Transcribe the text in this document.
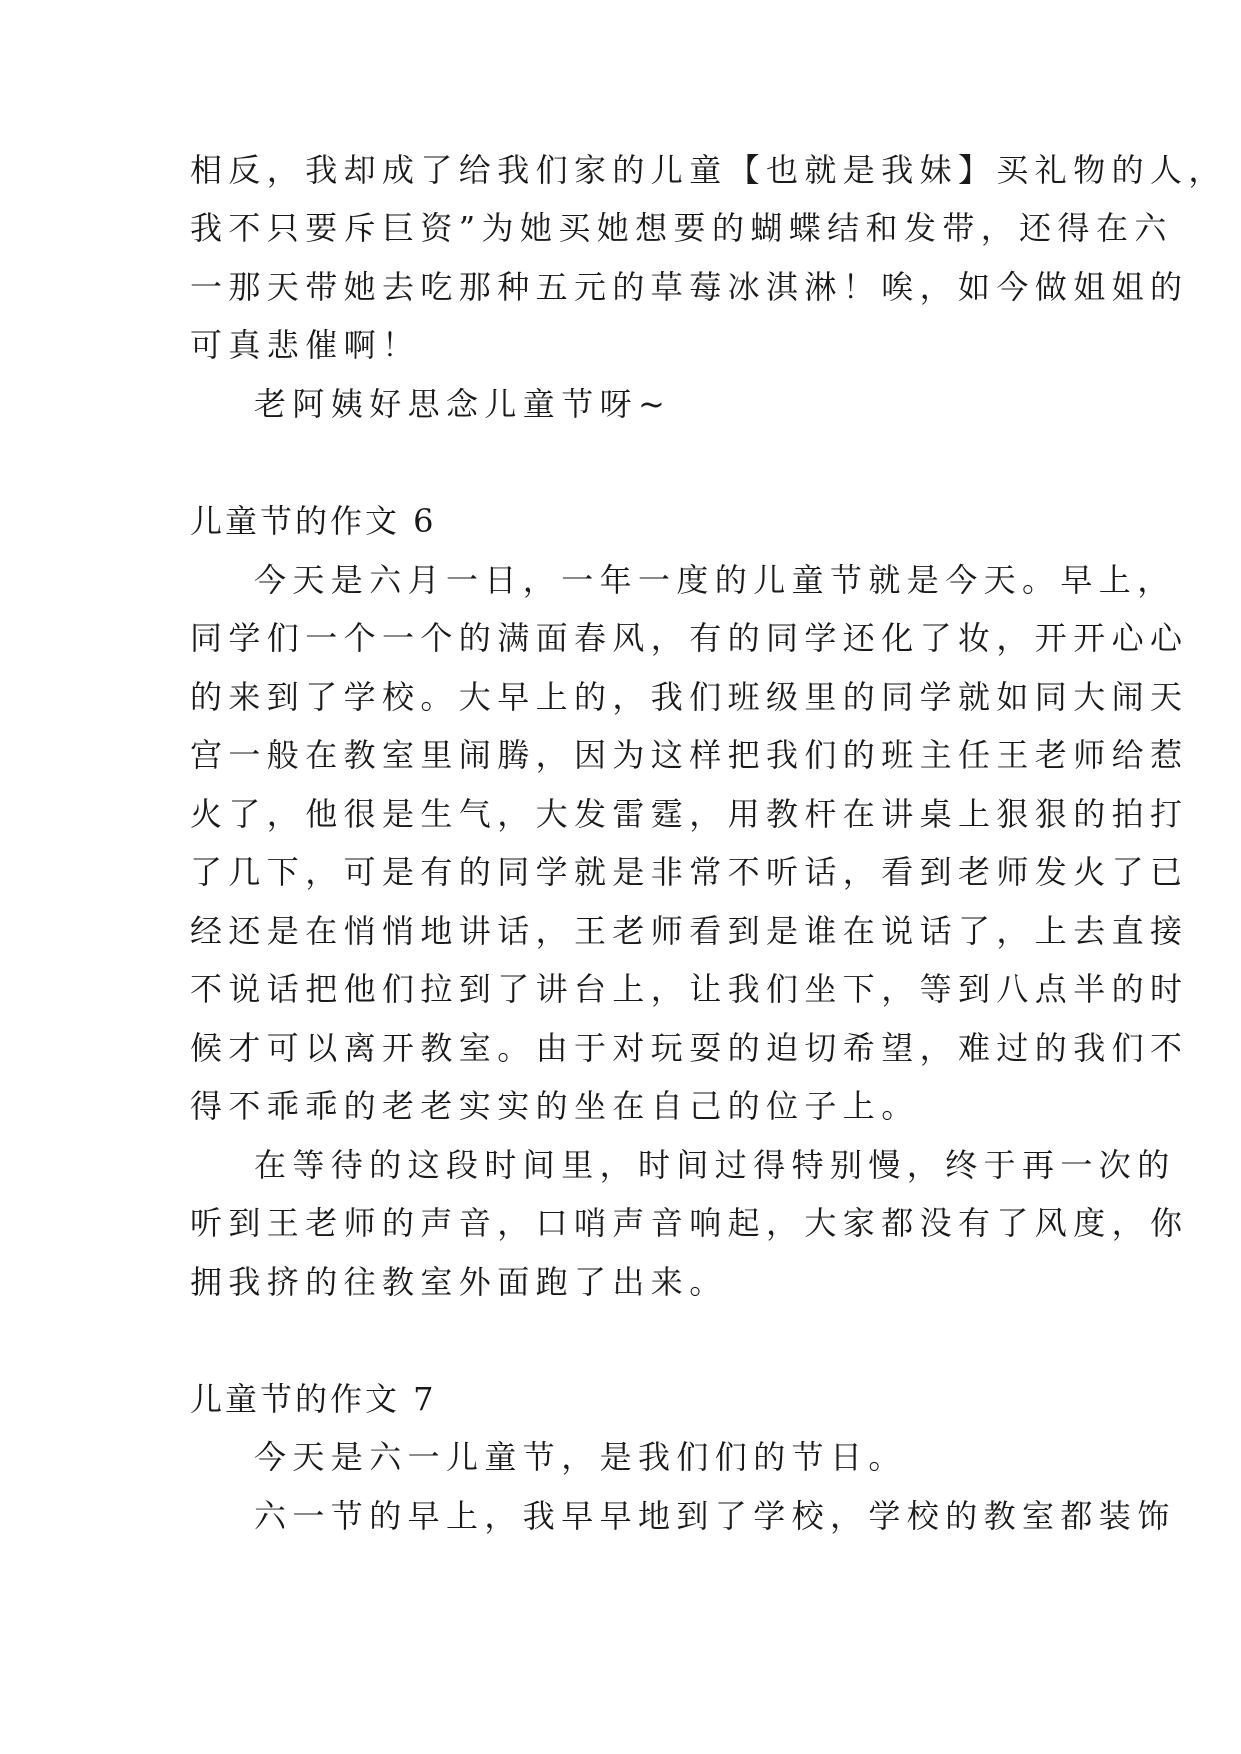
相反，我却成了给我们家的儿童【也就是我妹】买礼物的人，
我不只要斥巨资”为她买她想要的蝴蝶结和发带，还得在六
一那天带她去吃那种五元的草莓冰淇淋！唉，如今做姐姐的
可真悲催啊！
老阿姨好思念儿童节呀~
儿童节的作文 6
今天是六月一日，一年一度的儿童节就是今天。早上，
同学们一个一个的满面春风，有的同学还化了妆，开开心心
的来到了学校。大早上的，我们班级里的同学就如同大闹天
宫一般在教室里闹腾，因为这样把我们的班主任王老师给惹
火了，他很是生气，大发雷霆，用教杆在讲桌上狠狠的拍打
了几下，可是有的同学就是非常不听话，看到老师发火了已
经还是在悄悄地讲话，王老师看到是谁在说话了，上去直接
不说话把他们拉到了讲台上，让我们坐下，等到八点半的时
候才可以离开教室。由于对玩耍的迫切希望，难过的我们不
得不乖乖的老老实实的坐在自己的位子上。
在等待的这段时间里，时间过得特别慢，终于再一次的
听到王老师的声音，口哨声音响起，大家都没有了风度，你
拥我挤的往教室外面跑了出来。
儿童节的作文 7
今天是六一儿童节，是我们们的节日。
六一节的早上，我早早地到了学校，学校的教室都装饰
